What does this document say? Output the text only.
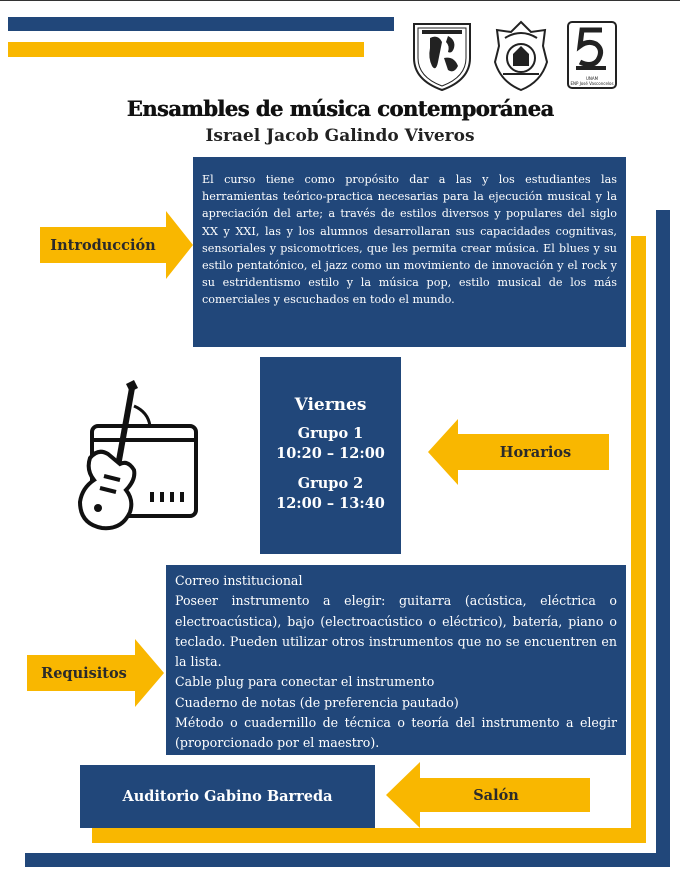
UNAM
ENP José Vasconcelos
Ensambles de música contemporánea
Israel Jacob Galindo Viveros
Introducción
El curso tiene como propósito dar a las y los estudiantes las herramientas teórico-practica necesarias para la ejecución musical y la apreciación del arte; a través de estilos diversos y populares del siglo XX y XXI, las y los alumnos desarrollaran sus capacidades cognitivas, sensoriales y psicomotrices, que les permita crear música. El blues y su estilo pentatónico, el jazz como un movimiento de innovación y el rock y su estridentismo estilo y la música pop, estilo musical de los más comerciales y escuchados en todo el mundo.
Viernes
Grupo 1
10:20 – 12:00
Grupo 2
12:00 – 13:40
Horarios
Requisitos
Correo institucional
Poseer instrumento a elegir: guitarra (acústica, eléctrica o electroacústica), bajo (electroacústico o eléctrico), batería, piano o teclado. Pueden utilizar otros instrumentos que no se encuentren en la lista.
Cable plug para conectar el instrumento
Cuaderno de notas (de preferencia pautado)
Método o cuadernillo de técnica o teoría del instrumento a elegir (proporcionado por el maestro).
Auditorio Gabino Barreda	Salón
